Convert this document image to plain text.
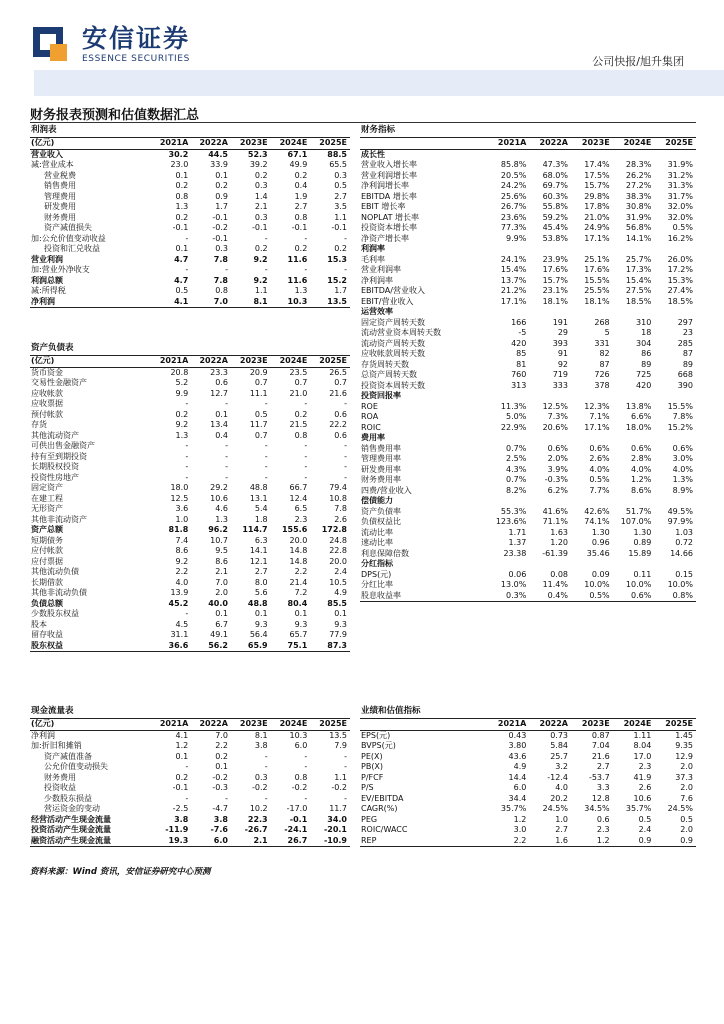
安信证券
ESSENCE SECURITIES	公司快报/旭升集团
财务报表预测和估值数据汇总
利润表					
(亿元)	2021A	2022A	2023E	2024E	2025E
营业收入	30.2	44.5	52.3	67.1	88.5
减:营业成本	23.0	33.9	39.2	49.9	65.5
营业税费	0.1	0.1	0.2	0.2	0.3
销售费用	0.2	0.2	0.3	0.4	0.5
管理费用	0.8	0.9	1.4	1.9	2.7
研发费用	1.3	1.7	2.1	2.7	3.5
财务费用	0.2	-0.1	0.3	0.8	1.1
资产减值损失	-0.1	-0.2	-0.1	-0.1	-0.1
加:公允价值变动收益	-	-0.1	-	-	-
投资和汇兑收益	0.1	0.3	0.2	0.2	0.2
营业利润	4.7	7.8	9.2	11.6	15.3
加:营业外净收支	-	-	-	-	-
利润总额	4.7	7.8	9.2	11.6	15.2
减:所得税	0.5	0.8	1.1	1.3	1.7
净利润	4.1	7.0	8.1	10.3	13.5
资产负债表					
(亿元)	2021A	2022A	2023E	2024E	2025E
货币资金	20.8	23.3	20.9	23.5	26.5
交易性金融资产	5.2	0.6	0.7	0.7	0.7
应收帐款	9.9	12.7	11.1	21.0	21.6
应收票据	-	-	-	-	-
预付帐款	0.2	0.1	0.5	0.2	0.6
存货	9.2	13.4	11.7	21.5	22.2
其他流动资产	1.3	0.4	0.7	0.8	0.6
可供出售金融资产	-	-	-	-	-
持有至到期投资	-	-	-	-	-
长期股权投资	-	-	-	-	-
投资性房地产	-	-	-	-	-
固定资产	18.0	29.2	48.8	66.7	79.4
在建工程	12.5	10.6	13.1	12.4	10.8
无形资产	3.6	4.6	5.4	6.5	7.8
其他非流动资产	1.0	1.3	1.8	2.3	2.6
资产总额	81.8	96.2	114.7	155.6	172.8
短期债务	7.4	10.7	6.3	20.0	24.8
应付帐款	8.6	9.5	14.1	14.8	22.8
应付票据	9.2	8.6	12.1	14.8	20.0
其他流动负债	2.2	2.1	2.7	2.2	2.4
长期借款	4.0	7.0	8.0	21.4	10.5
其他非流动负债	13.9	2.0	5.6	7.2	4.9
负债总额	45.2	40.0	48.8	80.4	85.5
少数股东权益	-	0.1	0.1	0.1	0.1
股本	4.5	6.7	9.3	9.3	9.3
留存收益	31.1	49.1	56.4	65.7	77.9
股东权益	36.6	56.2	65.9	75.1	87.3
财务指标					
	2021A	2022A	2023E	2024E	2025E
成长性					
营业收入增长率	85.8%	47.3%	17.4%	28.3%	31.9%
营业利润增长率	20.5%	68.0%	17.5%	26.2%	31.2%
净利润增长率	24.2%	69.7%	15.7%	27.2%	31.3%
EBITDA 增长率	25.6%	60.3%	29.8%	38.3%	31.7%
EBIT 增长率	26.7%	55.8%	17.8%	30.8%	32.0%
NOPLAT 增长率	23.6%	59.2%	21.0%	31.9%	32.0%
投资资本增长率	77.3%	45.4%	24.9%	56.8%	0.5%
净资产增长率	9.9%	53.8%	17.1%	14.1%	16.2%
利润率					
毛利率	24.1%	23.9%	25.1%	25.7%	26.0%
营业利润率	15.4%	17.6%	17.6%	17.3%	17.2%
净利润率	13.7%	15.7%	15.5%	15.4%	15.3%
EBITDA/营业收入	21.2%	23.1%	25.5%	27.5%	27.4%
EBIT/营业收入	17.1%	18.1%	18.1%	18.5%	18.5%
运营效率					
固定资产周转天数	166	191	268	310	297
流动营业资本周转天数	-5	29	5	18	23
流动资产周转天数	420	393	331	304	285
应收帐款周转天数	85	91	82	86	87
存货周转天数	81	92	87	89	89
总资产周转天数	760	719	726	725	668
投资资本周转天数	313	333	378	420	390
投资回报率					
ROE	11.3%	12.5%	12.3%	13.8%	15.5%
ROA	5.0%	7.3%	7.1%	6.6%	7.8%
ROIC	22.9%	20.6%	17.1%	18.0%	15.2%
费用率					
销售费用率	0.7%	0.6%	0.6%	0.6%	0.6%
管理费用率	2.5%	2.0%	2.6%	2.8%	3.0%
研发费用率	4.3%	3.9%	4.0%	4.0%	4.0%
财务费用率	0.7%	-0.3%	0.5%	1.2%	1.3%
四费/营业收入	8.2%	6.2%	7.7%	8.6%	8.9%
偿债能力					
资产负债率	55.3%	41.6%	42.6%	51.7%	49.5%
负债权益比	123.6%	71.1%	74.1%	107.0%	97.9%
流动比率	1.71	1.63	1.30	1.30	1.03
速动比率	1.37	1.20	0.96	0.89	0.72
利息保障倍数	23.38	-61.39	35.46	15.89	14.66
分红指标					
DPS(元)	0.06	0.08	0.09	0.11	0.15
分红比率	13.0%	11.4%	10.0%	10.0%	10.0%
股息收益率	0.3%	0.4%	0.5%	0.6%	0.8%
现金流量表					
(亿元)	2021A	2022A	2023E	2024E	2025E
净利润	4.1	7.0	8.1	10.3	13.5
加:折旧和摊销	1.2	2.2	3.8	6.0	7.9
资产减值准备	0.1	0.2	-	-	-
公允价值变动损失	-	0.1	-	-	-
财务费用	0.2	-0.2	0.3	0.8	1.1
投资收益	-0.1	-0.3	-0.2	-0.2	-0.2
少数股东损益	-	-	-	-	-
营运资金的变动	-2.5	-4.7	10.2	-17.0	11.7
经营活动产生现金流量	3.8	3.8	22.3	-0.1	34.0
投资活动产生现金流量	-11.9	-7.6	-26.7	-24.1	-20.1
融资活动产生现金流量	19.3	6.0	2.1	26.7	-10.9
业绩和估值指标					
	2021A	2022A	2023E	2024E	2025E
EPS(元)	0.43	0.73	0.87	1.11	1.45
BVPS(元)	3.80	5.84	7.04	8.04	9.35
PE(X)	43.6	25.7	21.6	17.0	12.9
PB(X)	4.9	3.2	2.7	2.3	2.0
P/FCF	14.4	-12.4	-53.7	41.9	37.3
P/S	6.0	4.0	3.3	2.6	2.0
EV/EBITDA	34.4	20.2	12.8	10.6	7.6
CAGR(%)	35.7%	24.5%	34.5%	35.7%	24.5%
PEG	1.2	1.0	0.6	0.5	0.5
ROIC/WACC	3.0	2.7	2.3	2.4	2.0
REP	2.2	1.6	1.2	0.9	0.9
资料来源：Wind 资讯，安信证券研究中心预测
